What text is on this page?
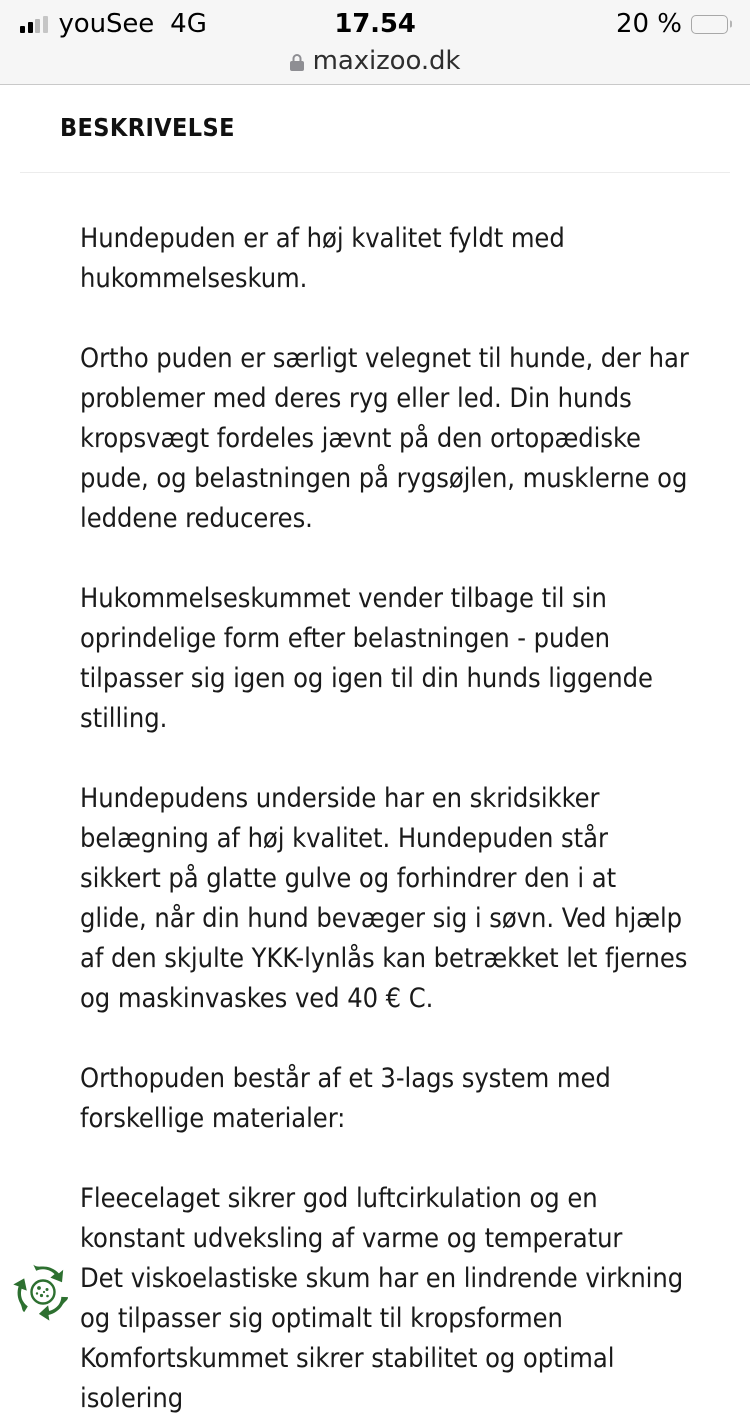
youSee 4G	17.54	20 %
maxizoo.dk
BESKRIVELSE

Hundepuden er af høj kvalitet fyldt med hukommelseskum.

Ortho puden er særligt velegnet til hunde, der har problemer med deres ryg eller led. Din hunds kropsvægt fordeles jævnt på den ortopædiske pude, og belastningen på rygsøjlen, musklerne og leddene reduceres.

Hukommelseskummet vender tilbage til sin oprindelige form efter belastningen - puden tilpasser sig igen og igen til din hunds liggende stilling.

Hundepudens underside har en skridsikker belægning af høj kvalitet. Hundepuden står sikkert på glatte gulve og forhindrer den i at glide, når din hund bevæger sig i søvn. Ved hjælp af den skjulte YKK-lynlås kan betrækket let fjernes og maskinvaskes ved 40 € C.

Orthopuden består af et 3-lags system med forskellige materialer:

Fleecelaget sikrer god luftcirkulation og en konstant udveksling af varme og temperatur
Det viskoelastiske skum har en lindrende virkning og tilpasser sig optimalt til kropsformen
Komfortskummet sikrer stabilitet og optimal isolering
